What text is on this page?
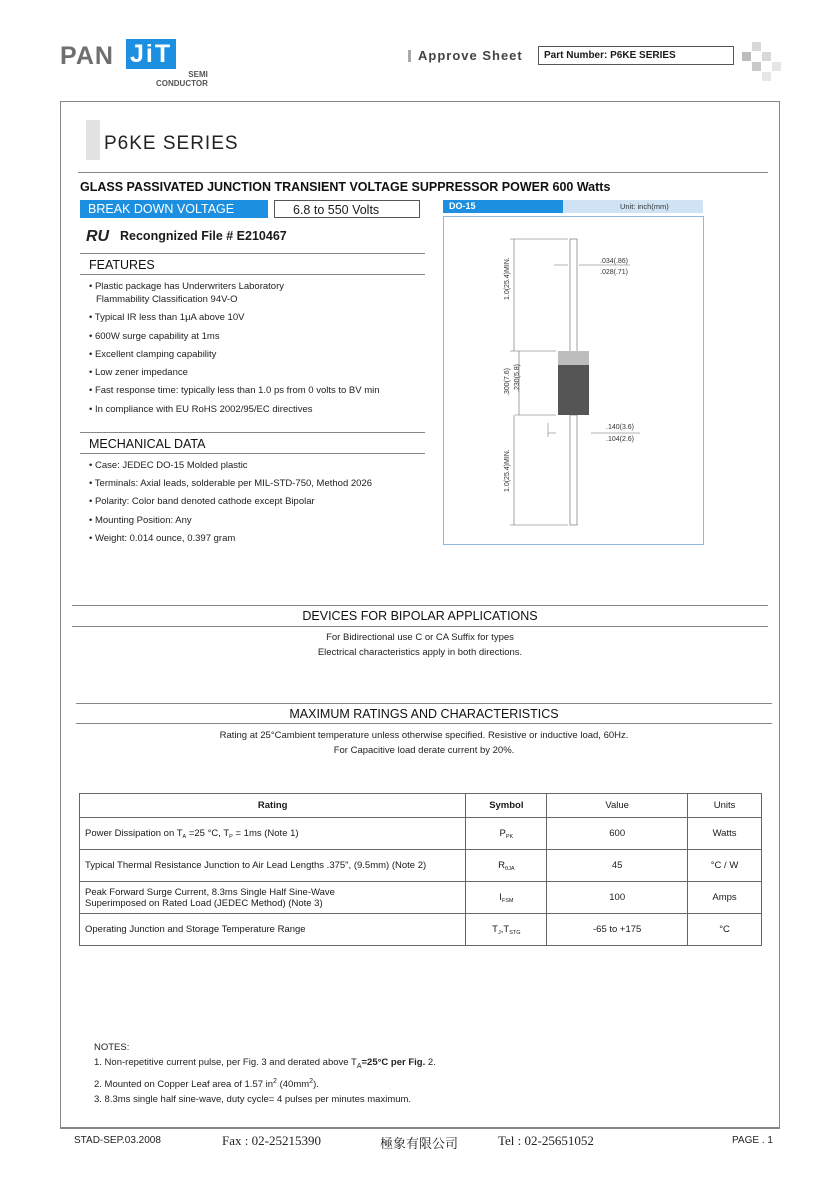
PAN JiT
SEMI
CONDUCTOR
Approve Sheet	Part Number: P6KE SERIES
P6KE SERIES
GLASS PASSIVATED JUNCTION TRANSIENT VOLTAGE SUPPRESSOR POWER 600 Watts
BREAK DOWN VOLTAGE	6.8 to 550 Volts
RU Recongnized File # E210467
FEATURES
• Plastic package has Underwriters Laboratory
Flammability Classification 94V-O
• Typical IR less than 1μA above 10V
• 600W surge capability at 1ms
• Excellent clamping capability
• Low zener impedance
• Fast response time: typically less than 1.0 ps from 0 volts to BV min
• In compliance with EU RoHS 2002/95/EC directives
MECHANICAL DATA
• Case: JEDEC DO-15 Molded plastic
• Terminals: Axial leads, solderable per MIL-STD-750, Method 2026
• Polarity: Color band denoted cathode except Bipolar
• Mounting Position: Any
• Weight: 0.014 ounce, 0.397 gram
DO-15	Unit: inch(mm)
.034(.86)
.028(.71)
1.0(25.4)MIN.
.300(7.6) .230(5.8)
.140(3.6)
.104(2.6)
1.0(25.4)MIN.
DEVICES FOR BIPOLAR APPLICATIONS
For Bidirectional use C or CA Suffix for types
Electrical characteristics apply in both directions.
MAXIMUM RATINGS AND CHARACTERISTICS
Rating at 25°Cambient temperature unless otherwise specified. Resistive or inductive load, 60Hz.
For Capacitive load derate current by 20%.
Rating	Symbol	Value	Units
Power Dissipation on $T_A =25$ °C, $T_P = 1ms$ (Note 1)	$P_{PK}$	600	Watts
Typical Thermal Resistance Junction to Air Lead Lengths .375", (9.5mm) (Note 2)	$R_{\theta JA}$	45	°C / W

Peak Forward Surge Current, 8.3ms Single Half Sine-Wave
Superimposed on Rated Load (JEDEC Method) (Note 3)	$I_{FSM}$	100	Amps
Operating Junction and Storage Temperature Range	$T_J,T_{STG}$	-65 to +175	°C
NOTES:
1. Non-repetitive current pulse, per Fig. 3 and derated above $T_A=25^\circ C$ per Fig. 2.
2. Mounted on Copper Leaf area of 1.57 $in^2$ $(40mm^2)$.
3. 8.3ms single half sine-wave, duty cycle= 4 pulses per minutes maximum.
STAD-SEP.03.2008	Fax : 02-25215390	極象有限公司	Tel : 02-25651052	PAGE . 1
